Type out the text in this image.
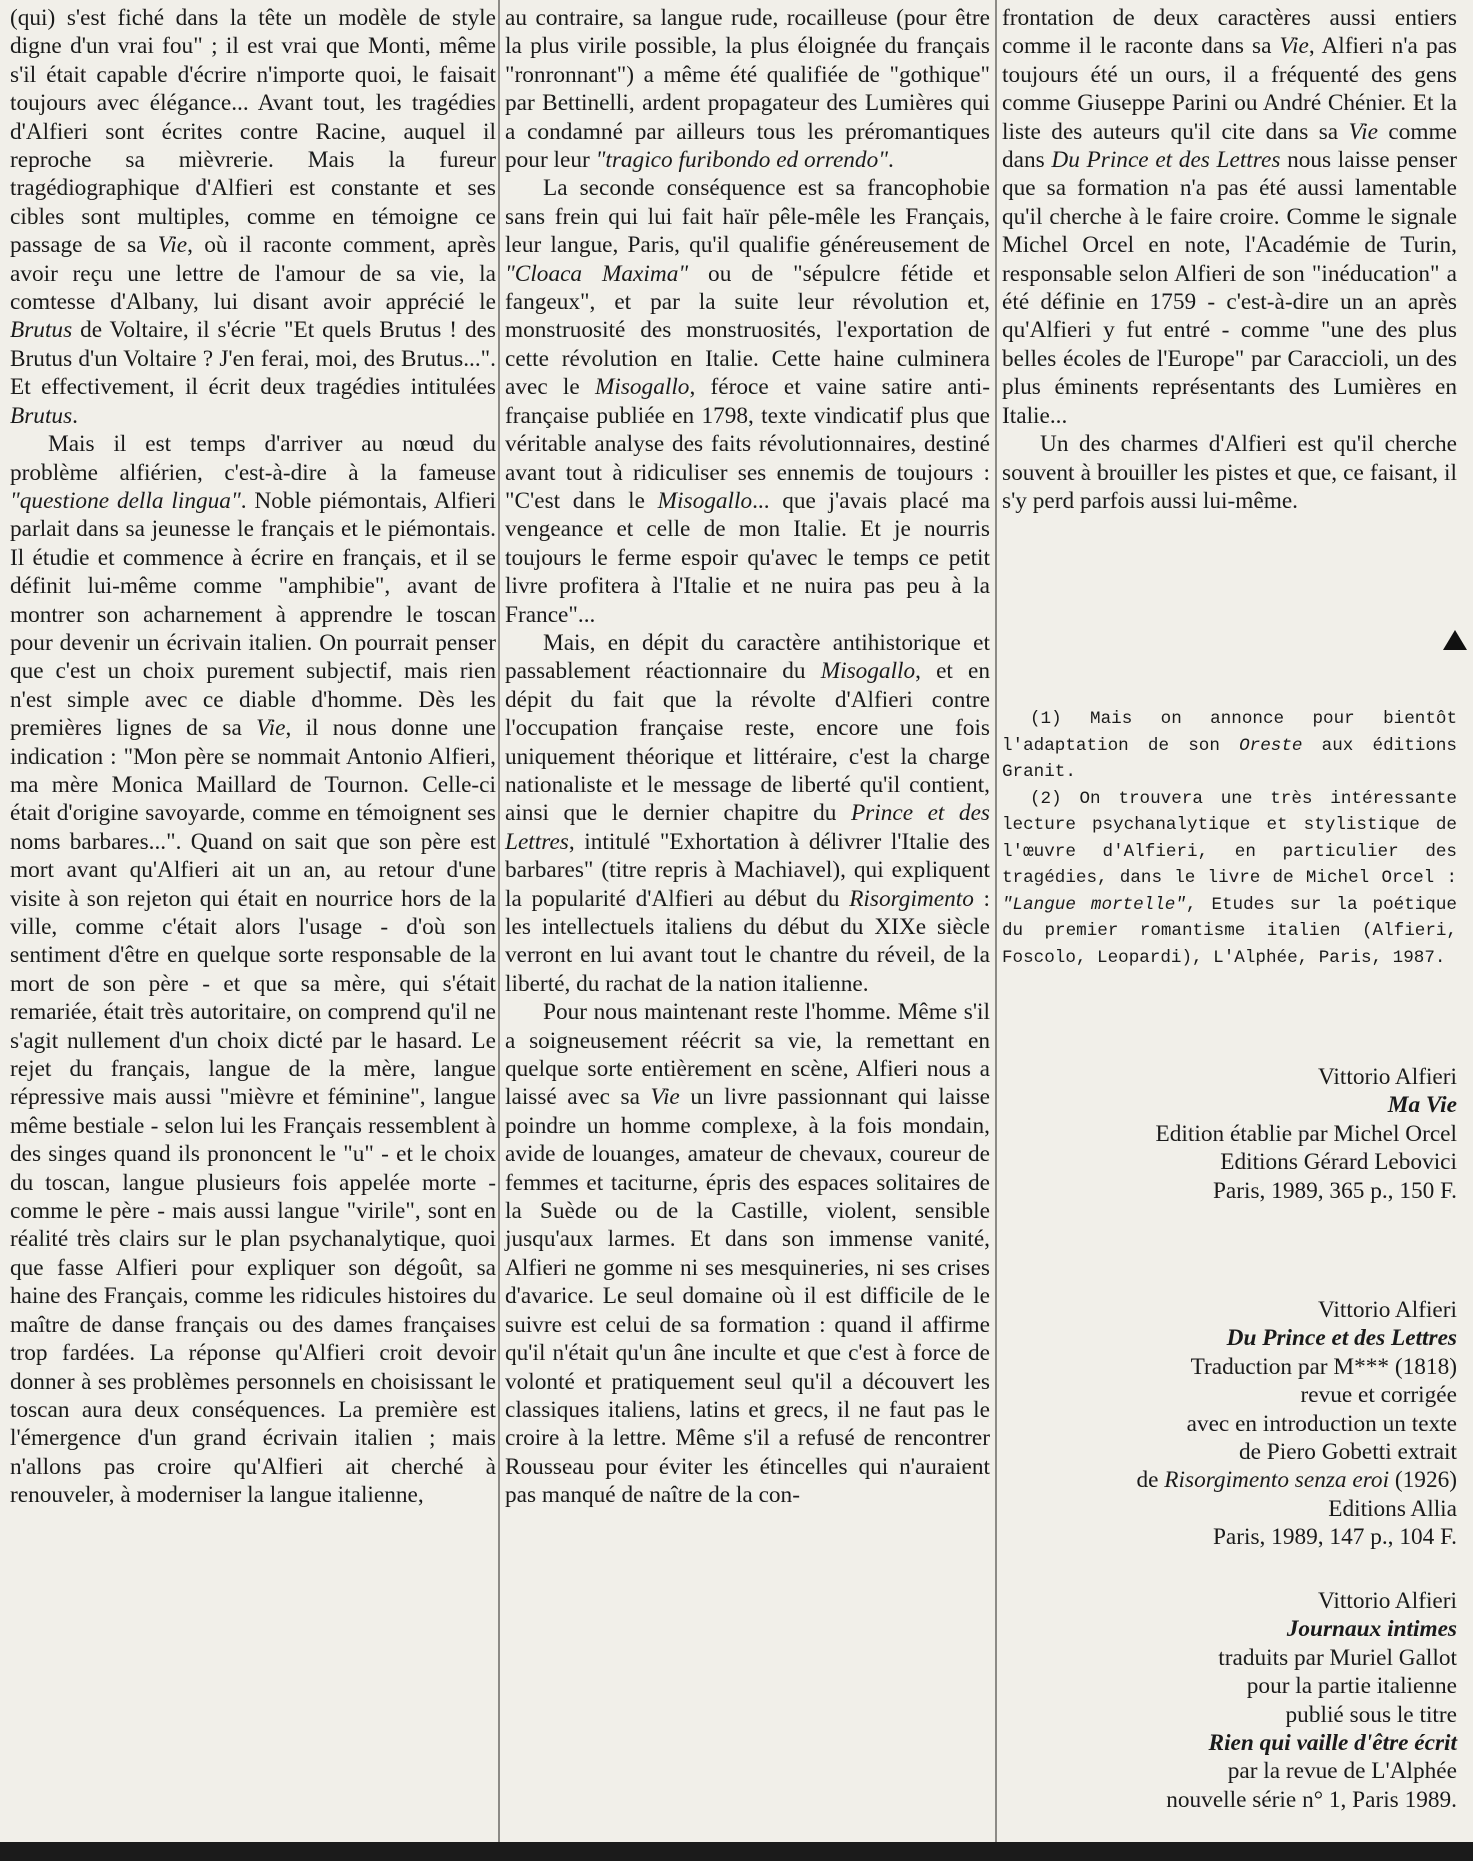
(qui) s'est fiché dans la tête un modèle de style digne d'un vrai fou" ; il est vrai que Monti, même s'il était capable d'écrire n'importe quoi, le faisait toujours avec élégance... Avant tout, les tragédies d'Alfieri sont écrites contre Racine, auquel il reproche sa mièvrerie. Mais la fureur tragédiographique d'Alfieri est constante et ses cibles sont multiples, comme en témoigne ce passage de sa Vie, où il raconte comment, après avoir reçu une lettre de l'amour de sa vie, la comtesse d'Albany, lui disant avoir apprécié le Brutus de Voltaire, il s'écrie "Et quels Brutus ! des Brutus d'un Voltaire ? J'en ferai, moi, des Brutus...". Et effectivement, il écrit deux tragédies intitulées Brutus.

Mais il est temps d'arriver au nœud du problème alfiérien, c'est-à-dire à la fameuse "questione della lingua". Noble piémontais, Alfieri parlait dans sa jeunesse le français et le piémontais. Il étudie et commence à écrire en français, et il se définit lui-même comme "amphibie", avant de montrer son acharnement à apprendre le toscan pour devenir un écrivain italien. On pourrait penser que c'est un choix purement subjectif, mais rien n'est simple avec ce diable d'homme. Dès les premières lignes de sa Vie, il nous donne une indication : "Mon père se nommait Antonio Alfieri, ma mère Monica Maillard de Tournon. Celle-ci était d'origine savoyarde, comme en témoignent ses noms barbares...". Quand on sait que son père est mort avant qu'Alfieri ait un an, au retour d'une visite à son rejeton qui était en nourrice hors de la ville, comme c'était alors l'usage - d'où son sentiment d'être en quelque sorte responsable de la mort de son père - et que sa mère, qui s'était remariée, était très autoritaire, on comprend qu'il ne s'agit nullement d'un choix dicté par le hasard. Le rejet du français, langue de la mère, langue répressive mais aussi "mièvre et féminine", langue même bestiale - selon lui les Français ressemblent à des singes quand ils prononcent le "u" - et le choix du toscan, langue plusieurs fois appelée morte - comme le père - mais aussi langue "virile", sont en réalité très clairs sur le plan psychanalytique, quoi que fasse Alfieri pour expliquer son dégoût, sa haine des Français, comme les ridicules histoires du maître de danse français ou des dames françaises trop fardées. La réponse qu'Alfieri croit devoir donner à ses problèmes personnels en choisissant le toscan aura deux conséquences. La première est l'émergence d'un grand écrivain italien ; mais n'allons pas croire qu'Alfieri ait cherché à renouveler, à moderniser la langue italienne,

au contraire, sa langue rude, rocailleuse (pour être la plus virile possible, la plus éloignée du français "ronronnant") a même été qualifiée de "gothique" par Bettinelli, ardent propagateur des Lumières qui a condamné par ailleurs tous les préromantiques pour leur "tragico furibondo ed orrendo".

La seconde conséquence est sa francophobie sans frein qui lui fait haïr pêle-mêle les Français, leur langue, Paris, qu'il qualifie généreusement de "Cloaca Maxima" ou de "sépulcre fétide et fangeux", et par la suite leur révolution et, monstruosité des monstruosités, l'exportation de cette révolution en Italie. Cette haine culminera avec le Misogallo, féroce et vaine satire anti-française publiée en 1798, texte vindicatif plus que véritable analyse des faits révolutionnaires, destiné avant tout à ridiculiser ses ennemis de toujours : "C'est dans le Misogallo... que j'avais placé ma vengeance et celle de mon Italie. Et je nourris toujours le ferme espoir qu'avec le temps ce petit livre profitera à l'Italie et ne nuira pas peu à la France"...

Mais, en dépit du caractère antihistorique et passablement réactionnaire du Misogallo, et en dépit du fait que la révolte d'Alfieri contre l'occupation française reste, encore une fois uniquement théorique et littéraire, c'est la charge nationaliste et le message de liberté qu'il contient, ainsi que le dernier chapitre du Prince et des Lettres, intitulé "Exhortation à délivrer l'Italie des barbares" (titre repris à Machiavel), qui expliquent la popularité d'Alfieri au début du Risorgimento : les intellectuels italiens du début du XIXe siècle verront en lui avant tout le chantre du réveil, de la liberté, du rachat de la nation italienne.

Pour nous maintenant reste l'homme. Même s'il a soigneusement réécrit sa vie, la remettant en quelque sorte entièrement en scène, Alfieri nous a laissé avec sa Vie un livre passionnant qui laisse poindre un homme complexe, à la fois mondain, avide de louanges, amateur de chevaux, coureur de femmes et taciturne, épris des espaces solitaires de la Suède ou de la Castille, violent, sensible jusqu'aux larmes. Et dans son immense vanité, Alfieri ne gomme ni ses mesquineries, ni ses crises d'avarice. Le seul domaine où il est difficile de le suivre est celui de sa formation : quand il affirme qu'il n'était qu'un âne inculte et que c'est à force de volonté et pratiquement seul qu'il a découvert les classiques italiens, latins et grecs, il ne faut pas le croire à la lettre. Même s'il a refusé de rencontrer Rousseau pour éviter les étincelles qui n'auraient pas manqué de naître de la con-

frontation de deux caractères aussi entiers comme il le raconte dans sa Vie, Alfieri n'a pas toujours été un ours, il a fréquenté des gens comme Giuseppe Parini ou André Chénier. Et la liste des auteurs qu'il cite dans sa Vie comme dans Du Prince et des Lettres nous laisse penser que sa formation n'a pas été aussi lamentable qu'il cherche à le faire croire. Comme le signale Michel Orcel en note, l'Académie de Turin, responsable selon Alfieri de son "inéducation" a été définie en 1759 - c'est-à-dire un an après qu'Alfieri y fut entré - comme "une des plus belles écoles de l'Europe" par Caraccioli, un des plus éminents représentants des Lumières en Italie...

Un des charmes d'Alfieri est qu'il cherche souvent à brouiller les pistes et que, ce faisant, il s'y perd parfois aussi lui-même.

(1) Mais on annonce pour bientôt l'adaptation de son Oreste aux éditions Granit.

(2) On trouvera une très intéressante lecture psychanalytique et stylistique de l'œuvre d'Alfieri, en particulier des tragédies, dans le livre de Michel Orcel : "Langue mortelle", Etudes sur la poétique du premier romantisme italien (Alfieri, Foscolo, Leopardi), L'Alphée, Paris, 1987.

Vittorio Alfieri
Ma Vie
Edition établie par Michel Orcel
Editions Gérard Lebovici
Paris, 1989, 365 p., 150 F.
Vittorio Alfieri
Du Prince et des Lettres
Traduction par M*** (1818)
revue et corrigée
avec en introduction un texte
de Piero Gobetti extrait
de Risorgimento senza eroi (1926)
Editions Allia
Paris, 1989, 147 p., 104 F.
Vittorio Alfieri
Journaux intimes
traduits par Muriel Gallot
pour la partie italienne
publié sous le titre
Rien qui vaille d'être écrit
par la revue de L'Alphée
nouvelle série n° 1, Paris 1989.
